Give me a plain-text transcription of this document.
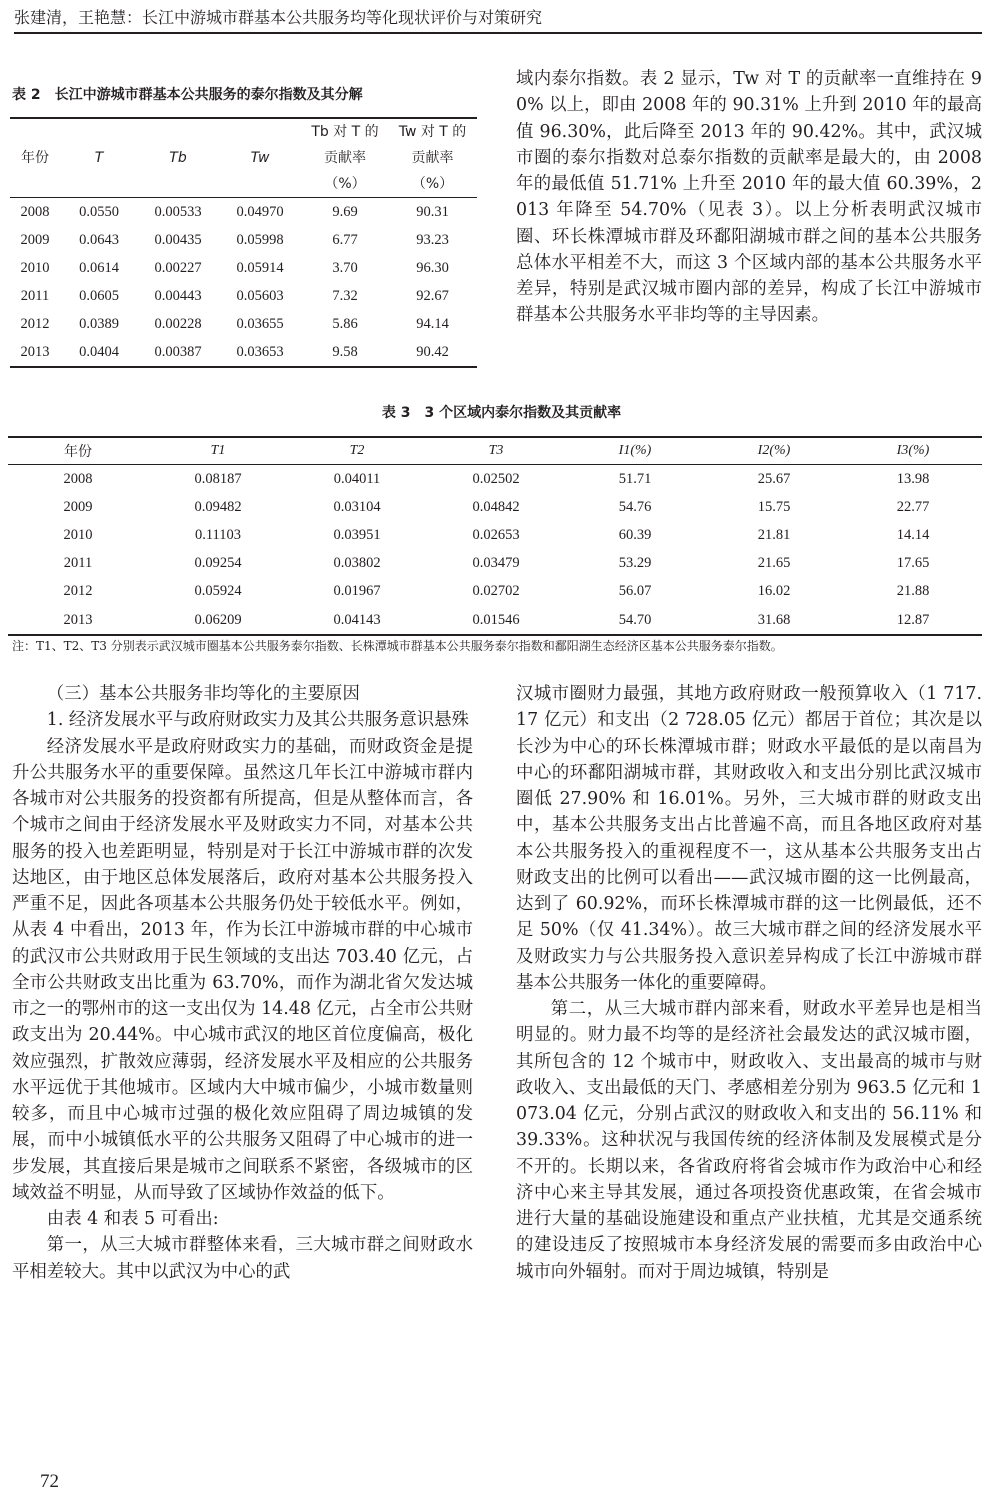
张建清，王艳慧：长江中游城市群基本公共服务均等化现状评价与对策研究
表 2　长江中游城市群基本公共服务的泰尔指数及其分解
				Tb 对 T 的	Tw 对 T 的
年份	T	Tb	Tw	贡献率	贡献率
				（%）	（%）
2008	0.0550	0.00533	0.04970	9.69	90.31
2009	0.0643	0.00435	0.05998	6.77	93.23
2010	0.0614	0.00227	0.05914	3.70	96.30
2011	0.0605	0.00443	0.05603	7.32	92.67
2012	0.0389	0.00228	0.03655	5.86	94.14
2013	0.0404	0.00387	0.03653	9.58	90.42

域内泰尔指数。表 2 显示，Tw 对 T 的贡献率一直维持在 90% 以上，即由 2008 年的 90.31% 上升到 2010 年的最高值 96.30%，此后降至 2013 年的 90.42%。其中，武汉城市圈的泰尔指数对总泰尔指数的贡献率是最大的，由 2008 年的最低值 51.71% 上升至 2010 年的最大值 60.39%，2013 年降至 54.70%（见表 3）。以上分析表明武汉城市圈、环长株潭城市群及环鄱阳湖城市群之间的基本公共服务总体水平相差不大，而这 3 个区域内部的基本公共服务水平差异，特别是武汉城市圈内部的差异，构成了长江中游城市群基本公共服务水平非均等的主导因素。

表 3　3 个区域内泰尔指数及其贡献率
年份	T1	T2	T3	I1(%)	I2(%)	I3(%)
2008	0.08187	0.04011	0.02502	51.71	25.67	13.98
2009	0.09482	0.03104	0.04842	54.76	15.75	22.77
2010	0.11103	0.03951	0.02653	60.39	21.81	14.14
2011	0.09254	0.03802	0.03479	53.29	21.65	17.65
2012	0.05924	0.01967	0.02702	56.07	16.02	21.88
2013	0.06209	0.04143	0.01546	54.70	31.68	12.87
注：T1、T2、T3 分别表示武汉城市圈基本公共服务泰尔指数、长株潭城市群基本公共服务泰尔指数和鄱阳湖生态经济区基本公共服务泰尔指数。

（三）基本公共服务非均等化的主要原因

1. 经济发展水平与政府财政实力及其公共服务意识悬殊

经济发展水平是政府财政实力的基础，而财政资金是提升公共服务水平的重要保障。虽然这几年长江中游城市群内各城市对公共服务的投资都有所提高，但是从整体而言，各个城市之间由于经济发展水平及财政实力不同，对基本公共服务的投入也差距明显，特别是对于长江中游城市群的次发达地区，由于地区总体发展落后，政府对基本公共服务投入严重不足，因此各项基本公共服务仍处于较低水平。例如，从表 4 中看出，2013 年，作为长江中游城市群的中心城市的武汉市公共财政用于民生领域的支出达 703.40 亿元，占全市公共财政支出比重为 63.70%，而作为湖北省欠发达城市之一的鄂州市的这一支出仅为 14.48 亿元，占全市公共财政支出为 20.44%。中心城市武汉的地区首位度偏高，极化效应强烈，扩散效应薄弱，经济发展水平及相应的公共服务水平远优于其他城市。区域内大中城市偏少，小城市数量则较多，而且中心城市过强的极化效应阻碍了周边城镇的发展，而中小城镇低水平的公共服务又阻碍了中心城市的进一步发展，其直接后果是城市之间联系不紧密，各级城市的区域效益不明显，从而导致了区域协作效益的低下。

由表 4 和表 5 可看出:

第一，从三大城市群整体来看，三大城市群之间财政水平相差较大。其中以武汉为中心的武

汉城市圈财力最强，其地方政府财政一般预算收入（1 717.17 亿元）和支出（2 728.05 亿元）都居于首位；其次是以长沙为中心的环长株潭城市群；财政水平最低的是以南昌为中心的环鄱阳湖城市群，其财政收入和支出分别比武汉城市圈低 27.90% 和 16.01%。另外，三大城市群的财政支出中，基本公共服务支出占比普遍不高，而且各地区政府对基本公共服务投入的重视程度不一，这从基本公共服务支出占财政支出的比例可以看出——武汉城市圈的这一比例最高，达到了 60.92%，而环长株潭城市群的这一比例最低，还不足 50%（仅 41.34%）。故三大城市群之间的经济发展水平及财政实力与公共服务投入意识差异构成了长江中游城市群基本公共服务一体化的重要障碍。

第二，从三大城市群内部来看，财政水平差异也是相当明显的。财力最不均等的是经济社会最发达的武汉城市圈，其所包含的 12 个城市中，财政收入、支出最高的城市与财政收入、支出最低的天门、孝感相差分别为 963.5 亿元和 1 073.04 亿元，分别占武汉的财政收入和支出的 56.11% 和 39.33%。这种状况与我国传统的经济体制及发展模式是分不开的。长期以来，各省政府将省会城市作为政治中心和经济中心来主导其发展，通过各项投资优惠政策，在省会城市进行大量的基础设施建设和重点产业扶植，尤其是交通系统的建设违反了按照城市本身经济发展的需要而多由政治中心城市向外辐射。而对于周边城镇，特别是

72
